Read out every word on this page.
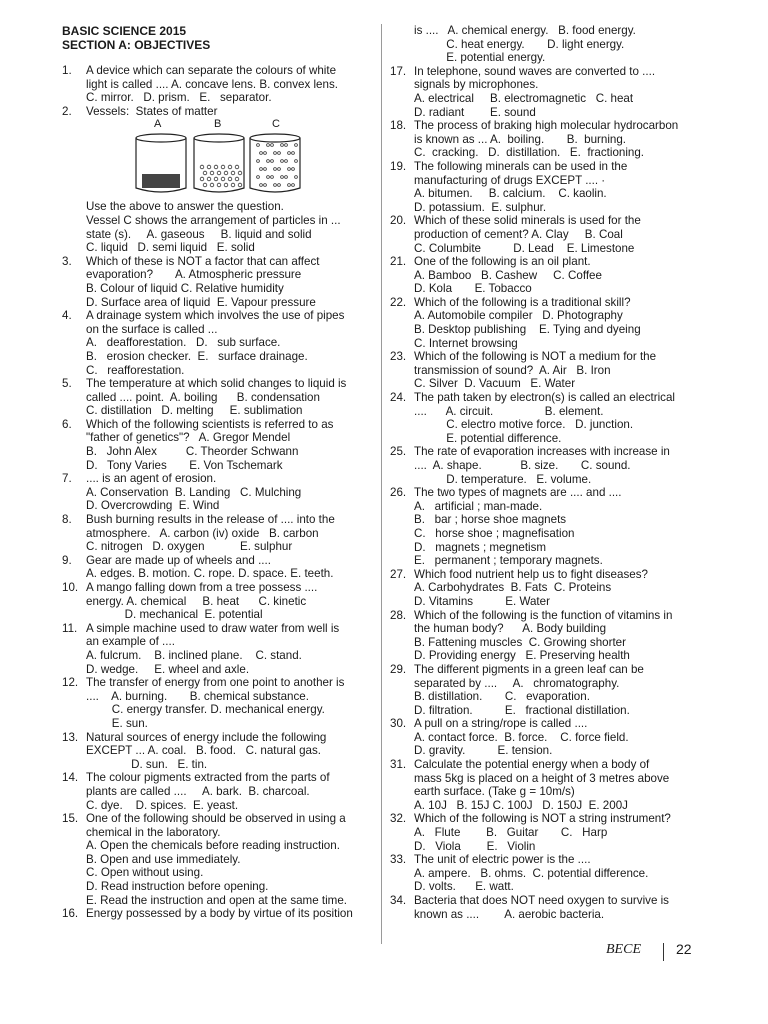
BASIC SCIENCE 2015
SECTION A: OBJECTIVES
1. A device which can separate the colours of white
light is called .... A. concave lens. B. convex lens.
C. mirror.   D. prism.   E.   separator.
2. Vessels:  States of matter
A	B	C
Use the above to answer the question.
Vessel C shows the arrangement of particles in ...
state (s).     A. gaseous     B. liquid and solid
C. liquid   D. semi liquid   E. solid
3. Which of these is NOT a factor that can affect
evaporation?       A. Atmospheric pressure
B. Colour of liquid C. Relative humidity
D. Surface area of liquid  E. Vapour pressure
4. A drainage system which involves the use of pipes
on the surface is called ...
A.   deafforestation.   D.   sub surface.
B.   erosion checker.  E.   surface drainage.
C.   reafforestation.
5. The temperature at which solid changes to liquid is
called .... point.  A. boiling      B. condensation
C. distillation   D. melting     E. sublimation
6. Which of the following scientists is referred to as
"father of genetics"?   A. Gregor Mendel
B.   John Alex         C. Theorder Schwann
D.   Tony Varies       E. Von Tschemark
7. .... is an agent of erosion.
A. Conservation  B. Landing   C. Mulching
D. Overcrowding  E. Wind
8. Bush burning results in the release of .... into the
atmosphere.   A. carbon (iv) oxide   B. carbon
C. nitrogen   D. oxygen           E. sulphur
9. Gear are made up of wheels and ....
A. edges. B. motion. C. rope. D. space. E. teeth.
10. A mango falling down from a tree possess ....
energy. A. chemical     B. heat      C. kinetic
D. mechanical  E. potential
11. A simple machine used to draw water from well is
an example of ....
A. fulcrum.    B. inclined plane.    C. stand.
D. wedge.     E. wheel and axle.
12. The transfer of energy from one point to another is
....    A. burning.       B. chemical substance.
C. energy transfer. D. mechanical energy.
E. sun.
13. Natural sources of energy include the following
EXCEPT ... A. coal.   B. food.   C. natural gas.
D. sun.   E. tin.
14. The colour pigments extracted from the parts of
plants are called ....     A. bark.  B. charcoal.
C. dye.    D. spices.  E. yeast.
15. One of the following should be observed in using a
chemical in the laboratory.
A. Open the chemicals before reading instruction.
B. Open and use immediately.
C. Open without using.
D. Read instruction before opening.
E. Read the instruction and open at the same time.
16. Energy possessed by a body by virtue of its position
is ....   A. chemical energy.   B. food energy.
C. heat energy.       D. light energy.
E. potential energy.
17. In telephone, sound waves are converted to ....
signals by microphones.
A. electrical     B. electromagnetic   C. heat
D. radiant        E. sound
18. The process of braking high molecular hydrocarbon
is known as ... A.  boiling.       B.  burning.
C.  cracking.   D.  distillation.   E.  fractioning.
19. The following minerals can be used in the
manufacturing of drugs EXCEPT .... ·
A. bitumen.     B. calcium.    C. kaolin.
D. potassium.  E. sulphur.
20. Which of these solid minerals is used for the
production of cement? A. Clay     B. Coal
C. Columbite          D. Lead    E. Limestone
21. One of the following is an oil plant.
A. Bamboo   B. Cashew     C. Coffee
D. Kola       E. Tobacco
22. Which of the following is a traditional skill?
A. Automobile compiler   D. Photography
B. Desktop publishing    E. Tying and dyeing
C. Internet browsing
23. Which of the following is NOT a medium for the
transmission of sound?  A. Air   B. Iron
C. Silver  D. Vacuum   E. Water
24. The path taken by electron(s) is called an electrical
....      A. circuit.                B. element.
C. electro motive force.   D. junction.
E. potential difference.
25. The rate of evaporation increases with increase in
....  A. shape.            B. size.       C. sound.
D. temperature.   E. volume.
26. The two types of magnets are .... and ....
A.   artificial ; man-made.
B.   bar ; horse shoe magnets
C.   horse shoe ; magnefisation
D.   magnets ; megnetism
E.   permanent ; temporary magnets.
27. Which food nutrient help us to fight diseases?
A. Carbohydrates  B. Fats  C. Proteins
D. Vitamins          E. Water
28. Which of the following is the function of vitamins in
the human body?      A. Body building
B. Fattening muscles  C. Growing shorter
D. Providing energy   E. Preserving health
29. The different pigments in a green leaf can be
separated by ....     A.   chromatography.
B. distillation.       C.   evaporation.
D. filtration.          E.   fractional distillation.
30. A pull on a string/rope is called ....
A. contact force.  B. force.    C. force field.
D. gravity.          E. tension.
31. Calculate the potential energy when a body of
mass 5kg is placed on a height of 3 metres above
earth surface. (Take g = 10m/s)
A. 10J   B. 15J C. 100J   D. 150J  E. 200J
32. Which of the following is NOT a string instrument?
A.   Flute        B.   Guitar       C.   Harp
D.   Viola        E.   Violin
33. The unit of electric power is the ....
A. ampere.   B. ohms.  C. potential difference.
D. volts.      E. watt.
34. Bacteria that does NOT need oxygen to survive is
known as ....        A. aerobic bacteria.
BECE	22
